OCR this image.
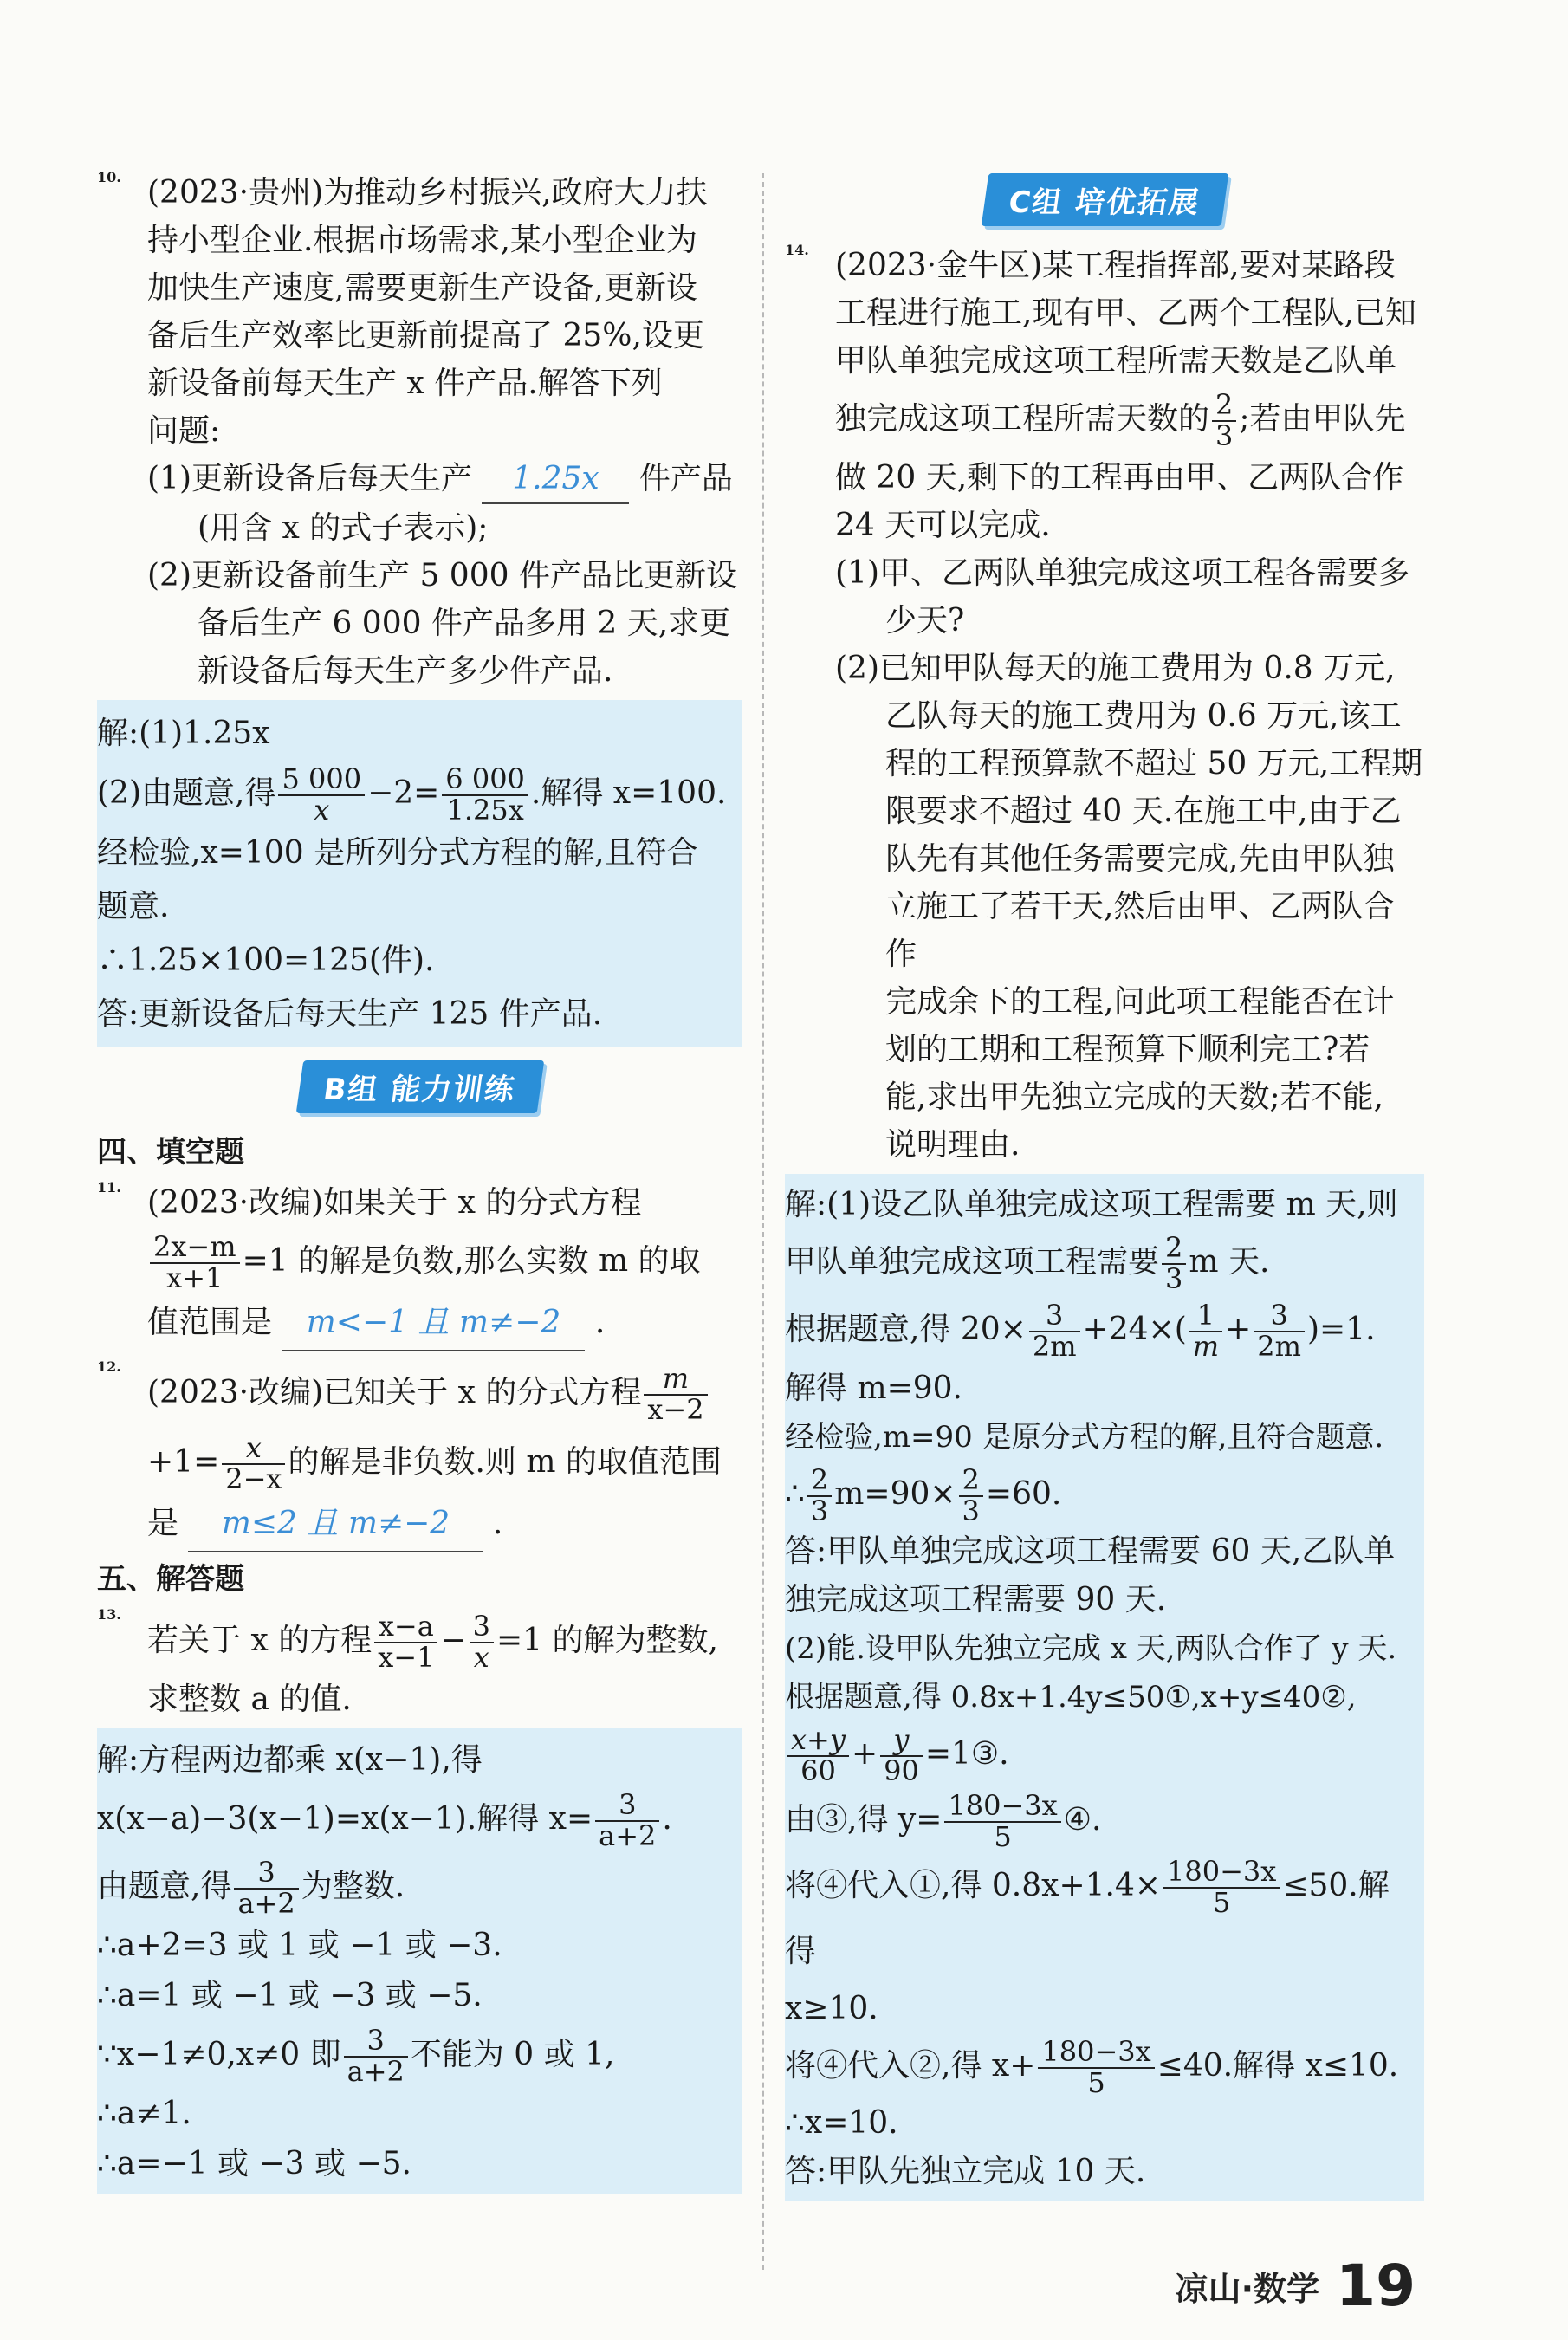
10. (2023·贵州)为推动乡村振兴,政府大力扶

持小型企业.根据市场需求,某小型企业为

加快生产速度,需要更新生产设备,更新设

备后生产效率比更新前提高了 25%,设更

新设备前每天生产 x 件产品.解答下列

问题:

(1)更新设备后每天生产 1.25x 件产品

(用含 x 的式子表示);

(2)更新设备前生产 5 000 件产品比更新设

备后生产 6 000 件产品多用 2 天,求更

新设备后每天生产多少件产品.

解:(1)1.25x

(2)由题意,得 $\frac{5 000}{x} -2= \frac{6 000}{1.25x}$ .解得 x=100.

经检验,x=100 是所列分式方程的解,且符合

题意.

∴1.25×100=125(件).

答:更新设备后每天生产 125 件产品.

B组 能力训练

四、填空题

11. (2023·改编)如果关于 x 的分式方程

$\frac{2x-m}{x+1} =1$ 的解是负数,那么实数 m 的取

值范围是 m<−1 且 m≠−2 .

12.

(2023·改编)已知关于 x 的分式方程 $\frac{m}{x-2}$

$+1= \frac{x}{2-x}$ 的解是非负数.则 m 的取值范围

是 m≤2 且 m≠−2 .

五、解答题

13.

若关于 x 的方程 $\frac{x-a}{x-1} - \frac{3}{x} =1$ 的解为整数,

求整数 a 的值.

解:方程两边都乘 x(x−1),得

x(x−a)−3(x−1)=x(x−1).解得 $x= \frac{3}{a+2}$ .

由题意,得 $\frac{3}{a+2}$ 为整数.

∴a+2=3 或 1 或 −1 或 −3.

∴a=1 或 −1 或 −3 或 −5.

∵x−1≠0,x≠0 即 $\frac{3}{a+2}$ 不能为 0 或 1,

∴a≠1.

∴a=−1 或 −3 或 −5.

C组 培优拓展
14. (2023·金牛区)某工程指挥部,要对某路段

工程进行施工,现有甲、乙两个工程队,已知

甲队单独完成这项工程所需天数是乙队单

独完成这项工程所需天数的 $\frac{2}{3}$ ;若由甲队先

做 20 天,剩下的工程再由甲、乙两队合作

24 天可以完成.

(1)甲、乙两队单独完成这项工程各需要多

少天?

(2)已知甲队每天的施工费用为 0.8 万元,

乙队每天的施工费用为 0.6 万元,该工

程的工程预算款不超过 50 万元,工程期

限要求不超过 40 天.在施工中,由于乙

队先有其他任务需要完成,先由甲队独

立施工了若干天,然后由甲、乙两队合作

完成余下的工程,问此项工程能否在计

划的工期和工程预算下顺利完工?若

能,求出甲先独立完成的天数;若不能,

说明理由.

解:(1)设乙队单独完成这项工程需要 m 天,则

甲队单独完成这项工程需要 $\frac{2}{3}$ m 天.

根据题意,得 $20\times \frac{3}{2m} +24\times( \frac{1}{m} + \frac{3}{2m} )=1$.

解得 m=90.

经检验,m=90 是原分式方程的解,且符合题意.

∴ $\frac{2}{3} m=90\times \frac{2}{3} =60$.

答:甲队单独完成这项工程需要 60 天,乙队单

独完成这项工程需要 90 天.

(2)能.设甲队先独立完成 x 天,两队合作了 y 天.

根据题意,得 0.8x+1.4y≤50①,x+y≤40②,

$\frac{x+y}{60} + \frac{y}{90}$ =1③.

由③,得 $y= \frac{180-3x}{5}$ ④.

将④代入①,得 $0.8x+1.4\times \frac{180-3x}{5} \le 50$.解得

x≥10.

将④代入②,得 $x+ \frac{180-3x}{5} \le 40$.解得 x≤10.

∴x=10.

答:甲队先独立完成 10 天.

凉山·数学 19
